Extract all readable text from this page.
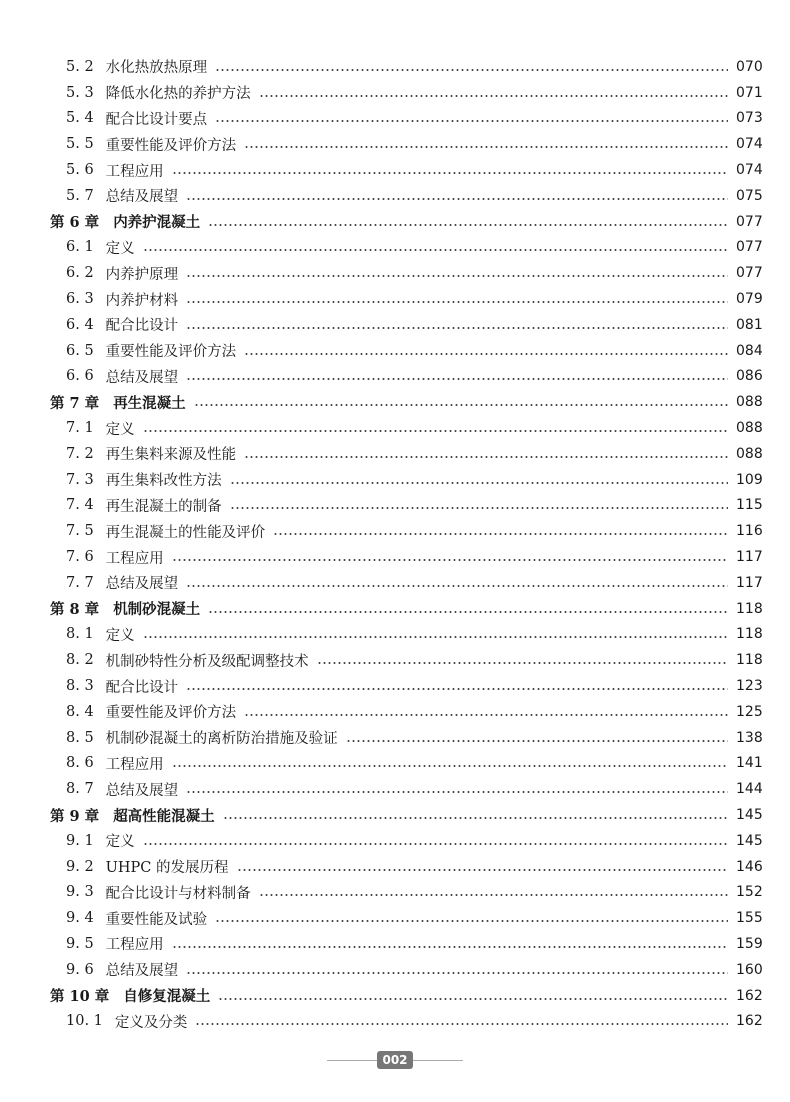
5. 2 水化热放热原理	070
5. 3 降低水化热的养护方法	071
5. 4 配合比设计要点	073
5. 5 重要性能及评价方法	074
5. 6 工程应用	074
5. 7 总结及展望	075
第 6 章 内养护混凝土	077
6. 1 定义	077
6. 2 内养护原理	077
6. 3 内养护材料	079
6. 4 配合比设计	081
6. 5 重要性能及评价方法	084
6. 6 总结及展望	086
第 7 章 再生混凝土	088
7. 1 定义	088
7. 2 再生集料来源及性能	088
7. 3 再生集料改性方法	109
7. 4 再生混凝土的制备	115
7. 5 再生混凝土的性能及评价	116
7. 6 工程应用	117
7. 7 总结及展望	117
第 8 章 机制砂混凝土	118
8. 1 定义	118
8. 2 机制砂特性分析及级配调整技术	118
8. 3 配合比设计	123
8. 4 重要性能及评价方法	125
8. 5 机制砂混凝土的离析防治措施及验证	138
8. 6 工程应用	141
8. 7 总结及展望	144
第 9 章 超高性能混凝土	145
9. 1 定义	145
9. 2 UHPC 的发展历程	146
9. 3 配合比设计与材料制备	152
9. 4 重要性能及试验	155
9. 5 工程应用	159
9. 6 总结及展望	160
第 10 章 自修复混凝土	162
10. 1 定义及分类	162
002
